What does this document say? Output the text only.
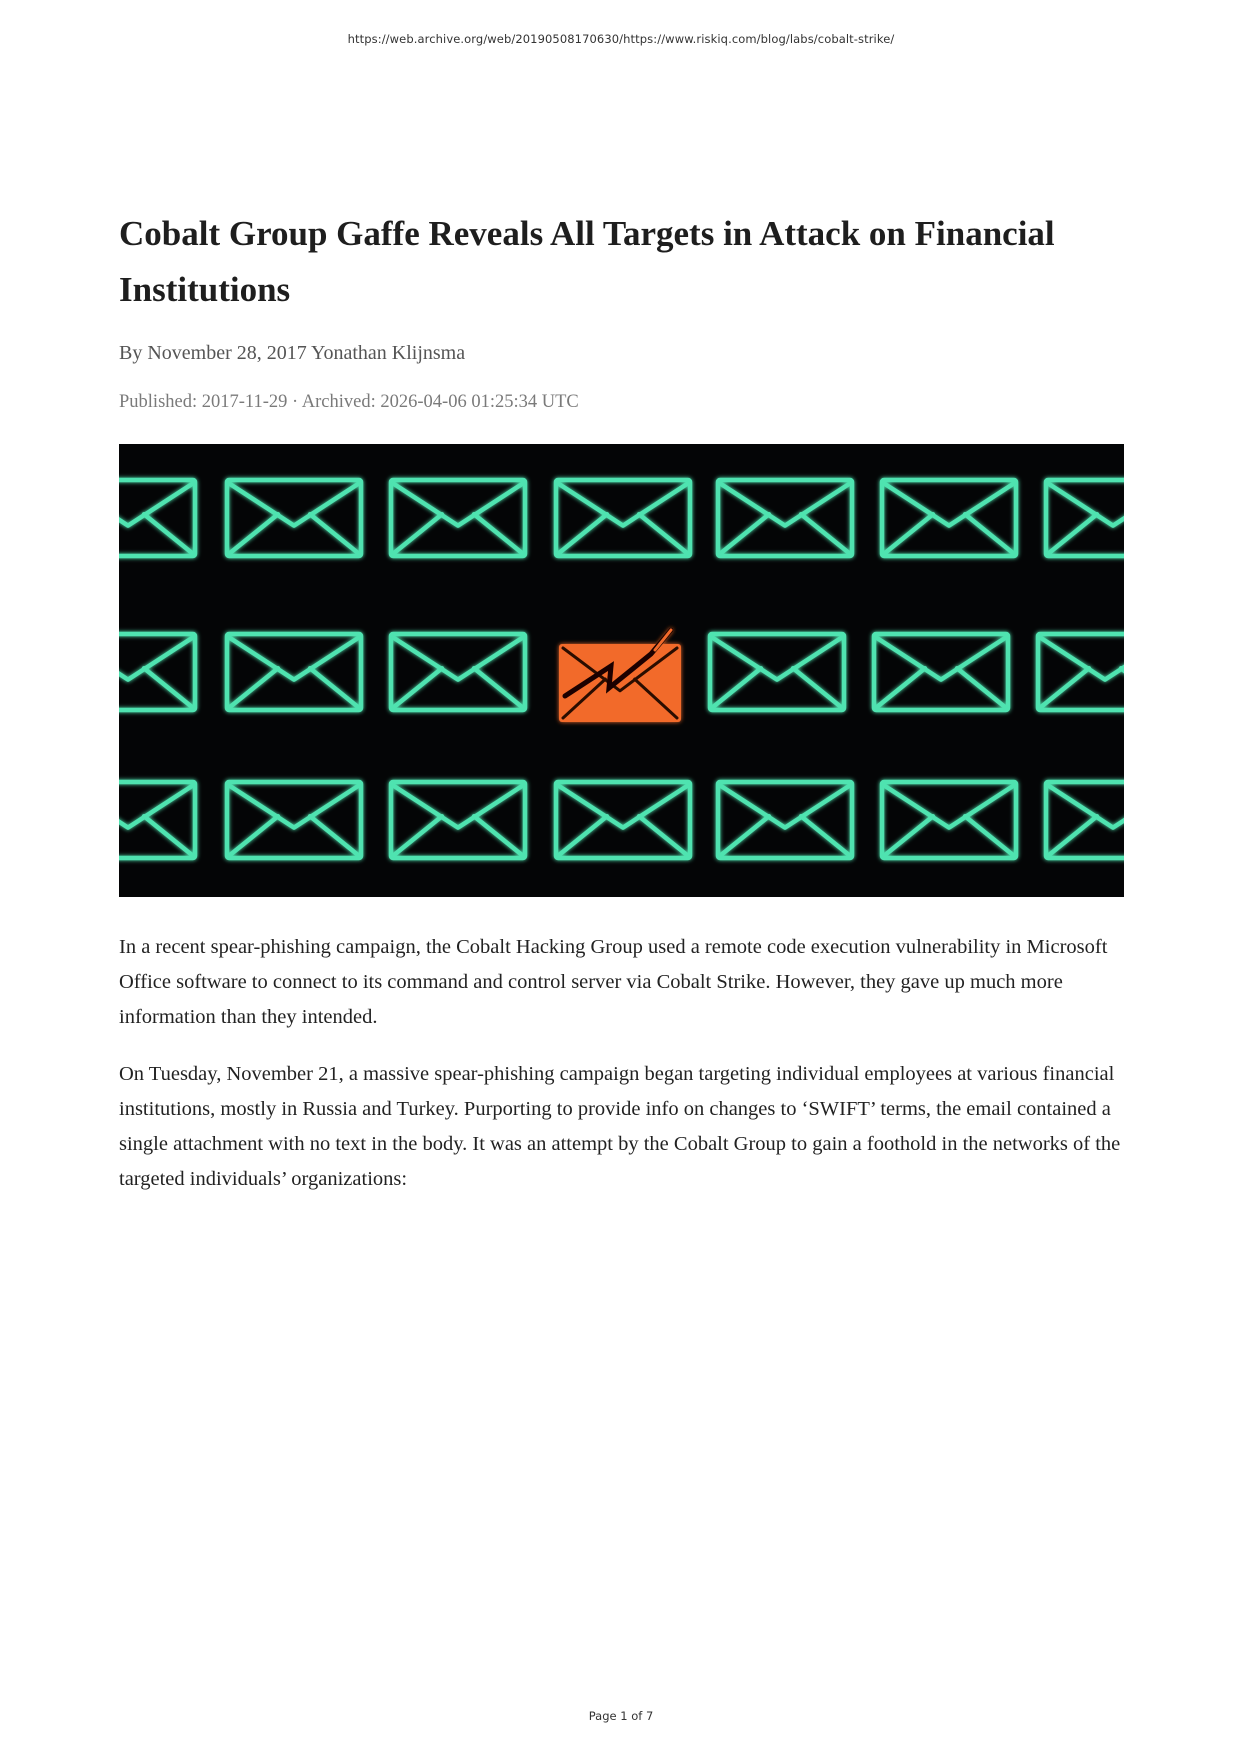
https://web.archive.org/web/20190508170630/https://www.riskiq.com/blog/labs/cobalt-strike/
Cobalt Group Gaffe Reveals All Targets in Attack on Financial Institutions
By November 28, 2017 Yonathan Klijnsma
Published: 2017-11-29 · Archived: 2026-04-06 01:25:34 UTC

In a recent spear-phishing campaign, the Cobalt Hacking Group used a remote code execution vulnerability in Microsoft Office software to connect to its command and control server via Cobalt Strike. However, they gave up much more information than they intended.

On Tuesday, November 21, a massive spear-phishing campaign began targeting individual employees at various financial institutions, mostly in Russia and Turkey. Purporting to provide info on changes to ‘SWIFT’ terms, the email contained a single attachment with no text in the body. It was an attempt by the Cobalt Group to gain a foothold in the networks of the targeted individuals’ organizations:

Page 1 of 7
